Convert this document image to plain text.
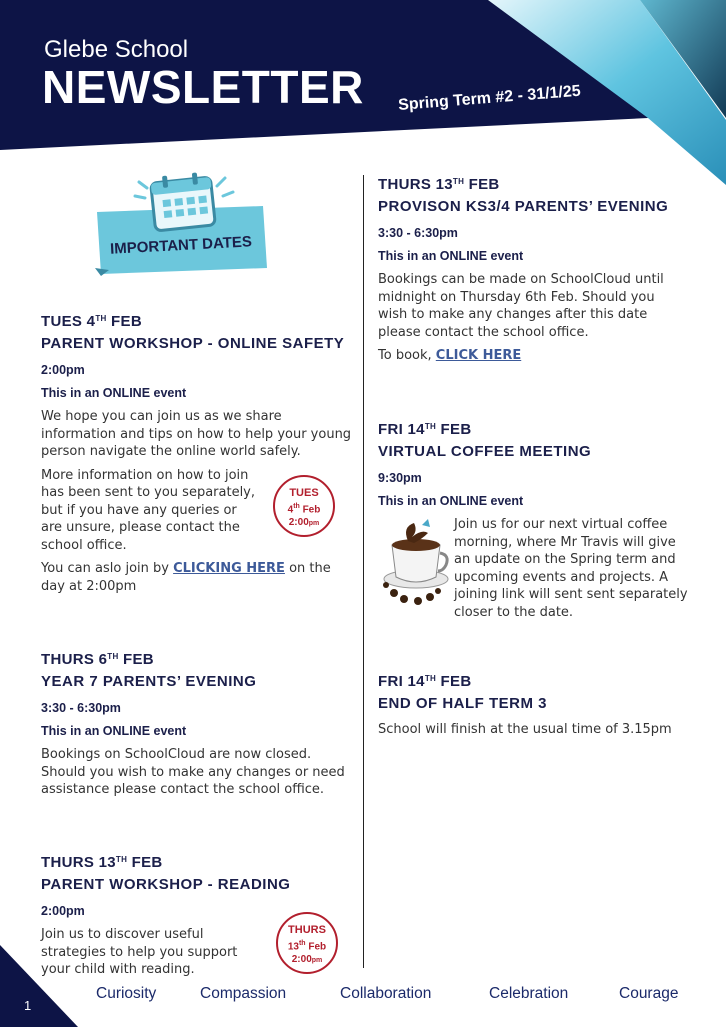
Glebe School
NEWSLETTER Spring Term #2 - 31/1/25
IMPORTANT DATES
TUES 4TH FEB
PARENT WORKSHOP - ONLINE SAFETY
2:00pm
This in an ONLINE event
We hope you can join us as we share information and tips on how to help your young person navigate the online world safely.
More information on how to join has been sent to you separately, but if you have any queries or are unsure, please contact the school office.
You can aslo join by CLICKING HERE on the day at 2:00pm
TUES
4th Feb
2:00pm
THURS 6TH FEB
YEAR 7 PARENTS’ EVENING
3:30 - 6:30pm
This in an ONLINE event
Bookings on SchoolCloud are now closed. Should you wish to make any changes or need assistance please contact the school office.
THURS 13TH FEB
PARENT WORKSHOP - READING
2:00pm
Join us to discover useful strategies to help you support your child with reading.
THURS
13th Feb
2:00pm
THURS 13TH FEB
PROVISON KS3/4 PARENTS’ EVENING
3:30 - 6:30pm
This in an ONLINE event
Bookings can be made on SchoolCloud until midnight on Thursday 6th Feb. Should you wish to make any changes after this date please contact the school office.
To book, CLICK HERE
FRI 14TH FEB
VIRTUAL COFFEE MEETING
9:30pm
This in an ONLINE event
Join us for our next virtual coffee morning, where Mr Travis will give an update on the Spring term and upcoming events and projects. A joining link will sent sent separately closer to the date.
FRI 14TH FEB
END OF HALF TERM 3
School will finish at the usual time of 3.15pm
Curiosity	Compassion	Collaboration	Celebration	Courage
1
